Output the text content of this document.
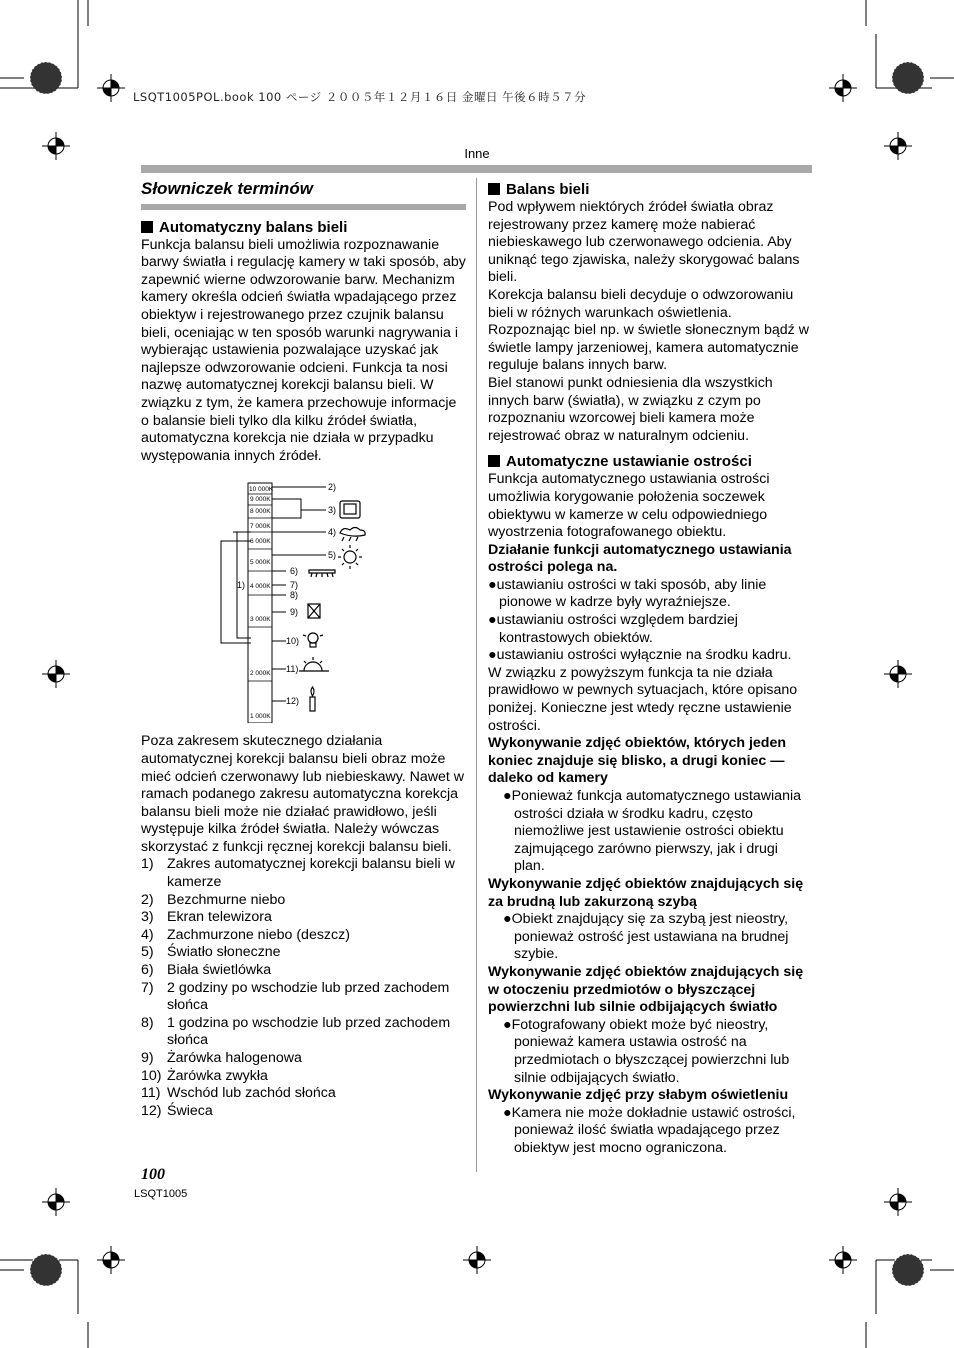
LSQT1005POL.book 100 ページ ２００５年１２月１６日 金曜日 午後６時５７分
Inne

Słowniczek terminów

Automatyczny balans bieli

Funkcja balansu bieli umożliwia rozpoznawanie barwy światła i regulację kamery w taki sposób, aby zapewnić wierne odwzorowanie barw. Mechanizm kamery określa odcień światła wpadającego przez obiektyw i rejestrowanego przez czujnik balansu bieli, oceniając w ten sposób warunki nagrywania i wybierając ustawienia pozwalające uzyskać jak najlepsze odwzorowanie odcieni. Funkcja ta nosi nazwę automatycznej korekcji balansu bieli. W związku z tym, że kamera przechowuje informacje o balansie bieli tylko dla kilku źródeł światła, automatyczna korekcja nie działa w przypadku występowania innych źródeł.

10 000K
9 000K
8 000K
7 000K
6 000K
5 000K
4 000K
3 000K
2 000K
1 000K
1)
2)
3)
4)
5)
6)
7)
8)
9)
10)
11)
12)

Poza zakresem skutecznego działania automatycznej korekcji balansu bieli obraz może mieć odcień czerwonawy lub niebieskawy. Nawet w ramach podanego zakresu automatyczna korekcja balansu bieli może nie działać prawidłowo, jeśli występuje kilka źródeł światła. Należy wówczas skorzystać z funkcji ręcznej korekcji balansu bieli.

1) Zakres automatycznej korekcji balansu bieli w kamerze
2) Bezchmurne niebo
3) Ekran telewizora
4) Zachmurzone niebo (deszcz)
5) Światło słoneczne
6) Biała świetlówka
7) 2 godziny po wschodzie lub przed zachodem słońca
8) 1 godzina po wschodzie lub przed zachodem słońca
9) Żarówka halogenowa
10) Żarówka zwykła
11) Wschód lub zachód słońca
12) Świeca
Balans bieli

Pod wpływem niektórych źródeł światła obraz rejestrowany przez kamerę może nabierać niebieskawego lub czerwonawego odcienia. Aby uniknąć tego zjawiska, należy skorygować balans bieli.

Korekcja balansu bieli decyduje o odwzorowaniu bieli w różnych warunkach oświetlenia. Rozpoznając biel np. w świetle słonecznym bądź w świetle lampy jarzeniowej, kamera automatycznie reguluje balans innych barw.

Biel stanowi punkt odniesienia dla wszystkich innych barw (światła), w związku z czym po rozpoznaniu wzorcowej bieli kamera może rejestrować obraz w naturalnym odcieniu.

Automatyczne ustawianie ostrości

Funkcja automatycznego ustawiania ostrości umożliwia korygowanie położenia soczewek obiektywu w kamerze w celu odpowiedniego wyostrzenia fotografowanego obiektu.

Działanie funkcji automatycznego ustawiania ostrości polega na.

●ustawianiu ostrości w taki sposób, aby linie pionowe w kadrze były wyraźniejsze.

●ustawianiu ostrości względem bardziej kontrastowych obiektów.

●ustawianiu ostrości wyłącznie na środku kadru.

W związku z powyższym funkcja ta nie działa prawidłowo w pewnych sytuacjach, które opisano poniżej. Konieczne jest wtedy ręczne ustawienie ostrości.

Wykonywanie zdjęć obiektów, których jeden koniec znajduje się blisko, a drugi koniec — daleko od kamery

●Ponieważ funkcja automatycznego ustawiania ostrości działa w środku kadru, często niemożliwe jest ustawienie ostrości obiektu zajmującego zarówno pierwszy, jak i drugi plan.

Wykonywanie zdjęć obiektów znajdujących się za brudną lub zakurzoną szybą

●Obiekt znajdujący się za szybą jest nieostry, ponieważ ostrość jest ustawiana na brudnej szybie.

Wykonywanie zdjęć obiektów znajdujących się w otoczeniu przedmiotów o błyszczącej powierzchni lub silnie odbijających światło

●Fotografowany obiekt może być nieostry, ponieważ kamera ustawia ostrość na przedmiotach o błyszczącej powierzchni lub silnie odbijających światło.

Wykonywanie zdjęć przy słabym oświetleniu

●Kamera nie może dokładnie ustawić ostrości, ponieważ ilość światła wpadającego przez obiektyw jest mocno ograniczona.

100
LSQT1005
